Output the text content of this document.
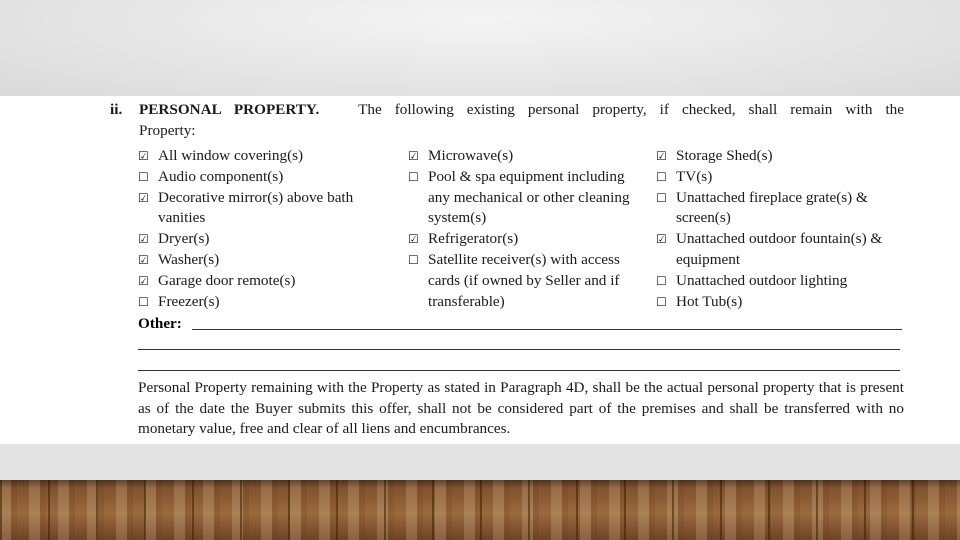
ii.	PERSONAL PROPERTY.	The following existing personal property, if checked, shall remain with the
Property:
☑ All window covering(s)
☐ Audio component(s)
☑ Decorative mirror(s) above bath vanities
☑ Dryer(s)
☑ Washer(s)
☑ Garage door remote(s)
☐ Freezer(s)
☑ Microwave(s)
☐ Pool & spa equipment including any mechanical or other cleaning system(s)
☑ Refrigerator(s)
☐ Satellite receiver(s) with access cards (if owned by Seller and if transferable)
☑ Storage Shed(s)
☐ TV(s)
☐ Unattached fireplace grate(s) & screen(s)
☑ Unattached outdoor fountain(s) & equipment
☐ Unattached outdoor lighting
☐ Hot Tub(s)
Other:
Personal Property remaining with the Property as stated in Paragraph 4D, shall be the actual personal property that is present as of the date the Buyer submits this offer, shall not be considered part of the premises and shall be transferred with no monetary value, free and clear of all liens and encumbrances.
